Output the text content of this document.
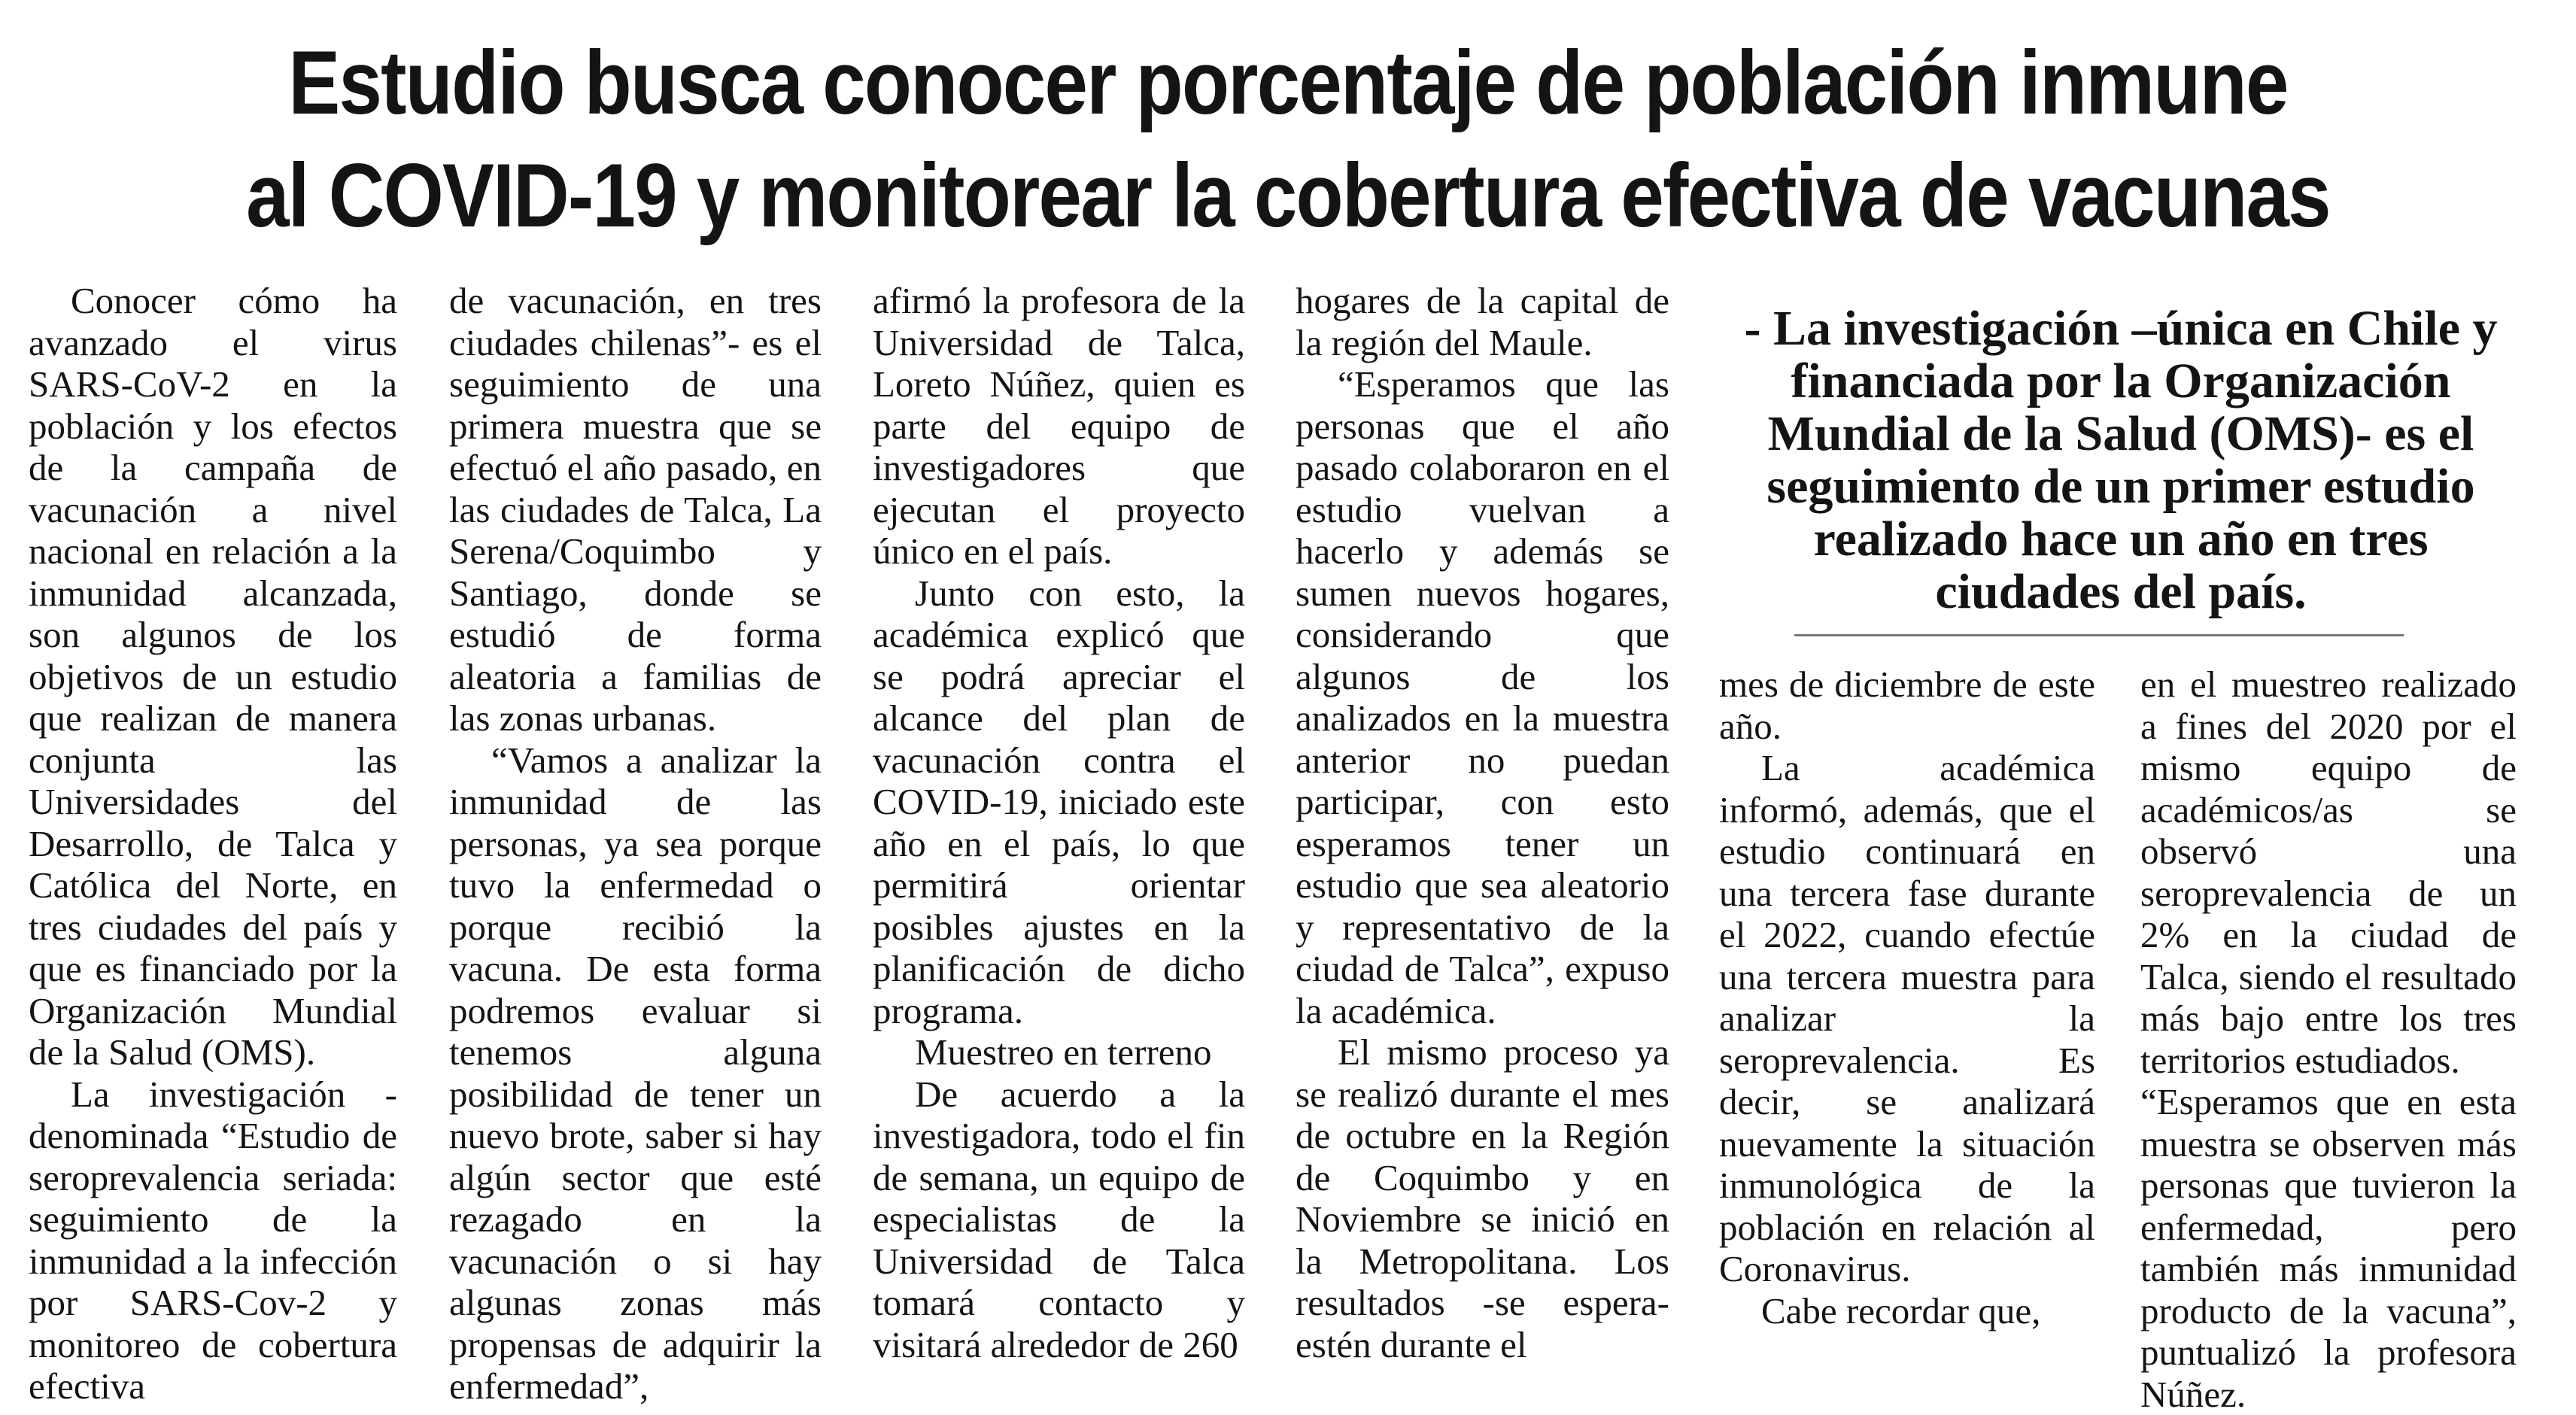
Estudio busca conocer porcentaje de población inmune
al COVID-19 y monitorear la cobertura efectiva de vacunas

Conocer cómo ha avanzado el virus SARS-CoV-2 en la población y los efectos de la campaña de vacunación a nivel nacional en relación a la inmunidad alcanzada, son algunos de los objetivos de un estudio que realizan de manera conjunta las Universidades del Desarrollo, de Talca y Católica del Norte, en tres ciudades del país y que es financiado por la Organización Mundial de la Salud (OMS).

La investigación -denominada “Estudio de seroprevalencia seriada: seguimiento de la inmunidad a la infección por SARS-Cov-2 y monitoreo de cobertura efectiva

de vacunación, en tres ciudades chilenas”- es el seguimiento de una primera muestra que se efectuó el año pasado, en las ciudades de Talca, La Serena/Coquimbo y Santiago, donde se estudió de forma aleatoria a familias de las zonas urbanas.

“Vamos a analizar la inmunidad de las personas, ya sea porque tuvo la enfermedad o porque recibió la vacuna. De esta forma podremos evaluar si tenemos alguna posibilidad de tener un nuevo brote, saber si hay algún sector que esté rezagado en la vacunación o si hay algunas zonas más propensas de adquirir la enfermedad”,

afirmó la profesora de la Universidad de Talca, Loreto Núñez, quien es parte del equipo de investigadores que ejecutan el proyecto único en el país.

Junto con esto, la académica explicó que se podrá apreciar el alcance del plan de vacunación contra el COVID-19, iniciado este año en el país, lo que permitirá orientar posibles ajustes en la planificación de dicho programa.

Muestreo en terreno

De acuerdo a la investigadora, todo el fin de semana, un equipo de especialistas de la Universidad de Talca tomará contacto y visitará alrededor de 260

hogares de la capital de la región del Maule.

“Esperamos que las personas que el año pasado colaboraron en el estudio vuelvan a hacerlo y además se sumen nuevos hogares, considerando que algunos de los analizados en la muestra anterior no puedan participar, con esto esperamos tener un estudio que sea aleatorio y representativo de la ciudad de Talca”, expuso la académica.

El mismo proceso ya se realizó durante el mes de octubre en la Región de Coquimbo y en Noviembre se inició en la Metropolitana. Los resultados -se espera- estén durante el

- La investigación –única en Chile y financiada por la Organización Mundial de la Salud (OMS)- es el seguimiento de un primer estudio realizado hace un año en tres ciudades del país.

mes de diciembre de este año.

La académica informó, además, que el estudio continuará en una tercera fase durante el 2022, cuando efectúe una tercera muestra para analizar la seroprevalencia. Es decir, se analizará nuevamente la situación inmunológica de la población en relación al Coronavirus.

Cabe recordar que,

en el muestreo realizado a fines del 2020 por el mismo equipo de académicos/as se observó una seroprevalencia de un 2% en la ciudad de Talca, siendo el resultado más bajo entre los tres territorios estudiados.

“Esperamos que en esta muestra se observen más personas que tuvieron la enfermedad, pero también más inmunidad producto de la vacuna”, puntualizó la profesora Núñez.
